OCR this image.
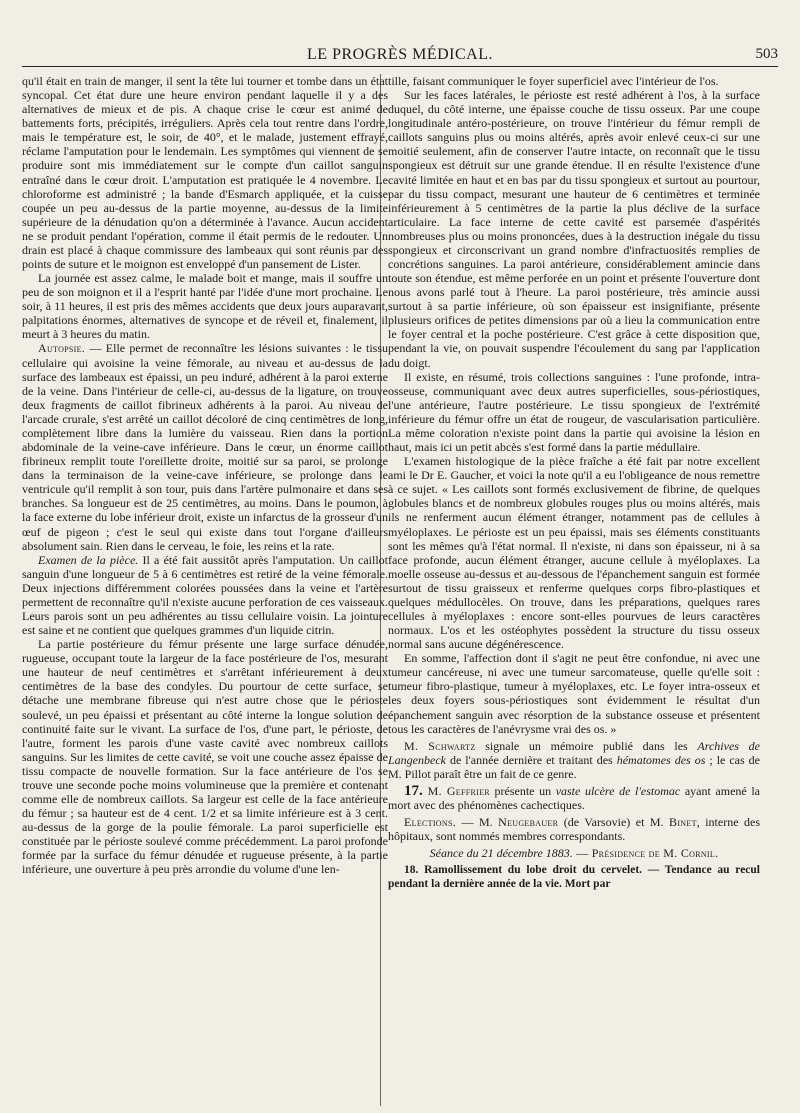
LE PROGRÈS MÉDICAL.	503

qu'il était en train de manger, il sent la tête lui tourner et tombe dans un état syncopal. Cet état dure une heure environ pendant laquelle il y a des alternatives de mieux et de pis. A chaque crise le cœur est animé de battements forts, précipités, irréguliers. Après cela tout rentre dans l'ordre, mais le température est, le soir, de 40°, et le malade, justement effrayé, réclame l'amputation pour le lendemain. Les symptômes qui viennent de se produire sont mis immédiatement sur le compte d'un caillot sanguin entraîné dans le cœur droit. L'amputation est pratiquée le 4 novembre. Le chloroforme est administré ; la bande d'Esmarch appliquée, et la cuisse coupée un peu au-dessus de la partie moyenne, au-dessus de la limite supérieure de la dénudation qu'on a déterminée à l'avance. Aucun accident ne se produit pendant l'opération, comme il était permis de le redouter. Un drain est placé à chaque commissure des lambeaux qui sont réunis par des points de suture et le moignon est enveloppé d'un pansement de Lister.

La journée est assez calme, le malade boit et mange, mais il souffre un peu de son moignon et il a l'esprit hanté par l'idée d'une mort prochaine. Le soir, à 11 heures, il est pris des mêmes accidents que deux jours auparavant, palpitations énormes, alternatives de syncope et de réveil et, finalement, il meurt à 3 heures du matin.

Autopsie. — Elle permet de reconnaître les lésions suivantes : le tissu cellulaire qui avoisine la veine fémorale, au niveau et au-dessus de la surface des lambeaux est épaissi, un peu induré, adhérent à la paroi externe de la veine. Dans l'intérieur de celle-ci, au-dessus de la ligature, on trouve deux fragments de caillot fibrineux adhérents à la paroi. Au niveau de l'arcade crurale, s'est arrêté un caillot décoloré de cinq centimètres de long, complètement libre dans la lumière du vaisseau. Rien dans la portion abdominale de la veine-cave inférieure. Dans le cœur, un énorme caillot fibrineux remplit toute l'oreillette droite, moitié sur sa paroi, se prolonge dans la terminaison de la veine-cave inférieure, se prolonge dans le ventricule qu'il remplit à son tour, puis dans l'artère pulmonaire et dans ses branches. Sa longueur est de 25 centimètres, au moins. Dans le poumon, à la face externe du lobe inférieur droit, existe un infarctus de la grosseur d'un œuf de pigeon ; c'est le seul qui existe dans tout l'organe d'ailleurs absolument sain. Rien dans le cerveau, le foie, les reins et la rate.

Examen de la pièce. Il a été fait aussitôt après l'amputation. Un caillot sanguin d'une longueur de 5 à 6 centimètres est retiré de la veine fémorale. Deux injections différemment colorées poussées dans la veine et l'artère permettent de reconnaître qu'il n'existe aucune perforation de ces vaisseaux. Leurs parois sont un peu adhérentes au tissu cellulaire voisin. La jointure est saine et ne contient que quelques grammes d'un liquide citrin.

La partie postérieure du fémur présente une large surface dénudée, rugueuse, occupant toute la largeur de la face postérieure de l'os, mesurant une hauteur de neuf centimètres et s'arrêtant inférieurement à deux centimètres de la base des condyles. Du pourtour de cette surface, se détache une membrane fibreuse qui n'est autre chose que le périoste soulevé, un peu épaissi et présentant au côté interne la longue solution de continuité faite sur le vivant. La surface de l'os, d'une part, le périoste, de l'autre, forment les parois d'une vaste cavité avec nombreux caillots sanguins. Sur les limites de cette cavité, se voit une couche assez épaisse de tissu compacte de nouvelle formation. Sur la face antérieure de l'os se trouve une seconde poche moins volumineuse que la première et contenant comme elle de nombreux caillots. Sa largeur est celle de la face antérieure du fémur ; sa hauteur est de 4 cent. 1/2 et sa limite inférieure est à 3 cent. au-dessus de la gorge de la poulie fémorale. La paroi superficielle est constituée par le périoste soulevé comme précédemment. La paroi profonde formée par la surface du fémur dénudée et rugueuse présente, à la partie inférieure, une ouverture à peu près arrondie du volume d'une len-

tille, faisant communiquer le foyer superficiel avec l'intérieur de l'os.

Sur les faces latérales, le périoste est resté adhérent à l'os, à la surface duquel, du côté interne, une épaisse couche de tissu osseux. Par une coupe longitudinale antéro-postérieure, on trouve l'intérieur du fémur rempli de caillots sanguins plus ou moins altérés, après avoir enlevé ceux-ci sur une moitié seulement, afin de conserver l'autre intacte, on reconnaît que le tissu spongieux est détruit sur une grande étendue. Il en résulte l'existence d'une cavité limitée en haut et en bas par du tissu spongieux et surtout au pourtour, par du tissu compact, mesurant une hauteur de 6 centimètres et terminée inférieurement à 5 centimètres de la partie la plus déclive de la surface articulaire. La face interne de cette cavité est parsemée d'aspérités nombreuses plus ou moins prononcées, dues à la destruction inégale du tissu spongieux et circonscrivant un grand nombre d'infractuosités remplies de concrétions sanguines. La paroi antérieure, considérablement amincie dans toute son étendue, est même perforée en un point et présente l'ouverture dont nous avons parlé tout à l'heure. La paroi postérieure, très amincie aussi surtout à sa partie inférieure, où son épaisseur est insignifiante, présente plusieurs orifices de petites dimensions par où a lieu la communication entre le foyer central et la poche postérieure. C'est grâce à cette disposition que, pendant la vie, on pouvait suspendre l'écoulement du sang par l'application du doigt.

Il existe, en résumé, trois collections sanguines : l'une profonde, intra-osseuse, communiquant avec deux autres superficielles, sous-périostiques, l'une antérieure, l'autre postérieure. Le tissu spongieux de l'extrémité inférieure du fémur offre un état de rougeur, de vascularisation particulière. La même coloration n'existe point dans la partie qui avoisine la lésion en haut, mais ici un petit abcès s'est formé dans la partie médullaire.

L'examen histologique de la pièce fraîche a été fait par notre excellent ami le Dr E. Gaucher, et voici la note qu'il a eu l'obligeance de nous remettre à ce sujet. « Les caillots sont formés exclusivement de fibrine, de quelques globules blancs et de nombreux globules rouges plus ou moins altérés, mais ils ne renferment aucun élément étranger, notamment pas de cellules à myéloplaxes. Le périoste est un peu épaissi, mais ses éléments constituants sont les mêmes qu'à l'état normal. Il n'existe, ni dans son épaisseur, ni à sa face profonde, aucun élément étranger, aucune cellule à myéloplaxes. La moelle osseuse au-dessus et au-dessous de l'épanchement sanguin est formée surtout de tissu graisseux et renferme quelques corps fibro-plastiques et quelques médullocèles. On trouve, dans les préparations, quelques rares cellules à myéloplaxes : encore sont-elles pourvues de leurs caractères normaux. L'os et les ostéophytes possèdent la structure du tissu osseux normal sans aucune dégénérescence.

En somme, l'affection dont il s'agit ne peut être confondue, ni avec une tumeur cancéreuse, ni avec une tumeur sarcomateuse, quelle qu'elle soit : tumeur fibro-plastique, tumeur à myéloplaxes, etc. Le foyer intra-osseux et les deux foyers sous-périostiques sont évidemment le résultat d'un épanchement sanguin avec résorption de la substance osseuse et présentent tous les caractères de l'anévrysme vrai des os. »

M. Schwartz signale un mémoire publié dans les Archives de Langenbeck de l'année dernière et traitant des hématomes des os ; le cas de M. Pillot paraît être un fait de ce genre.

17. M. Geffrier présente un vaste ulcère de l'estomac ayant amené la mort avec des phénomènes cachectiques.

Elections. — M. Neugebauer (de Varsovie) et M. Binet, interne des hôpitaux, sont nommés membres correspondants.

Séance du 21 décembre 1883. — Présidence de M. Cornil.

18. Ramollissement du lobe droit du cervelet. — Tendance au recul pendant la dernière année de la vie. Mort par
